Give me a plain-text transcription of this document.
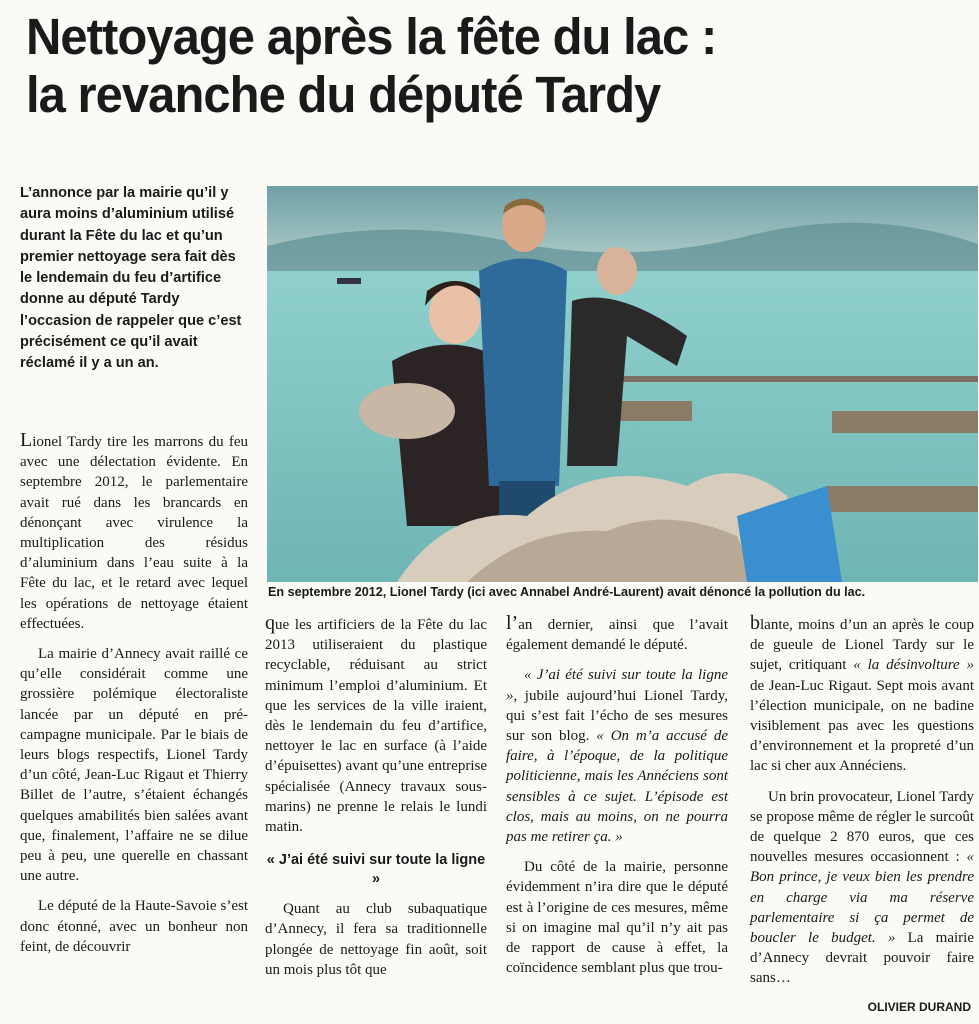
Nettoyage après la fête du lac :
la revanche du député Tardy
L’annonce par la mairie qu’il y aura moins d’aluminium utilisé durant la Fête du lac et qu’un premier nettoyage sera fait dès le lendemain du feu d’artifice donne au député Tardy l’occasion de rappeler que c’est précisément ce qu’il avait réclamé il y a un an.
En septembre 2012, Lionel Tardy (ici avec Annabel André-Laurent) avait dénoncé la pollution du lac.

Lionel Tardy tire les marrons du feu avec une délectation évidente. En septembre 2012, le parlementaire avait rué dans les brancards en dénonçant avec virulence la multiplication des résidus d’aluminium dans l’eau suite à la Fête du lac, et le retard avec lequel les opérations de nettoyage étaient effectuées.

La mairie d’Annecy avait raillé ce qu’elle considérait comme une grossière polémique électoraliste lancée par un député en pré-campagne municipale. Par le biais de leurs blogs respectifs, Lionel Tardy d’un côté, Jean-Luc Rigaut et Thierry Billet de l’autre, s’étaient échangés quelques amabilités bien salées avant que, finalement, l’affaire ne se dilue peu à peu, une querelle en chassant une autre.

Le député de la Haute-Savoie s’est donc étonné, avec un bonheur non feint, de découvrir

que les artificiers de la Fête du lac 2013 utiliseraient du plastique recyclable, réduisant au strict minimum l’emploi d’aluminium. Et que les services de la ville iraient, dès le lendemain du feu d’artifice, nettoyer le lac en surface (à l’aide d’épuisettes) avant qu’une entreprise spécialisée (Annecy travaux sous-marins) ne prenne le relais le lundi matin.

« J’ai été suivi sur toute la ligne »

Quant au club subaquatique d’Annecy, il fera sa traditionnelle plongée de nettoyage fin août, soit un mois plus tôt que

l’an dernier, ainsi que l’avait également demandé le député.

« J’ai été suivi sur toute la ligne », jubile aujourd’hui Lionel Tardy, qui s’est fait l’écho de ses mesures sur son blog. « On m’a accusé de faire, à l’époque, de la politique politicienne, mais les Annéciens sont sensibles à ce sujet. L’épisode est clos, mais au moins, on ne pourra pas me retirer ça. »

Du côté de la mairie, personne évidemment n’ira dire que le député est à l’origine de ces mesures, même si on imagine mal qu’il n’y ait pas de rapport de cause à effet, la coïncidence semblant plus que trou-

blante, moins d’un an après le coup de gueule de Lionel Tardy sur le sujet, critiquant « la désinvolture » de Jean-Luc Rigaut. Sept mois avant l’élection municipale, on ne badine visiblement pas avec les questions d’environnement et la propreté d’un lac si cher aux Annéciens.

Un brin provocateur, Lionel Tardy se propose même de régler le surcoût de quelque 2 870 euros, que ces nouvelles mesures occasionnent : « Bon prince, je veux bien les prendre en charge via ma réserve parlementaire si ça permet de boucler le budget. » La mairie d’Annecy devrait pouvoir faire sans…

OLIVIER DURAND
